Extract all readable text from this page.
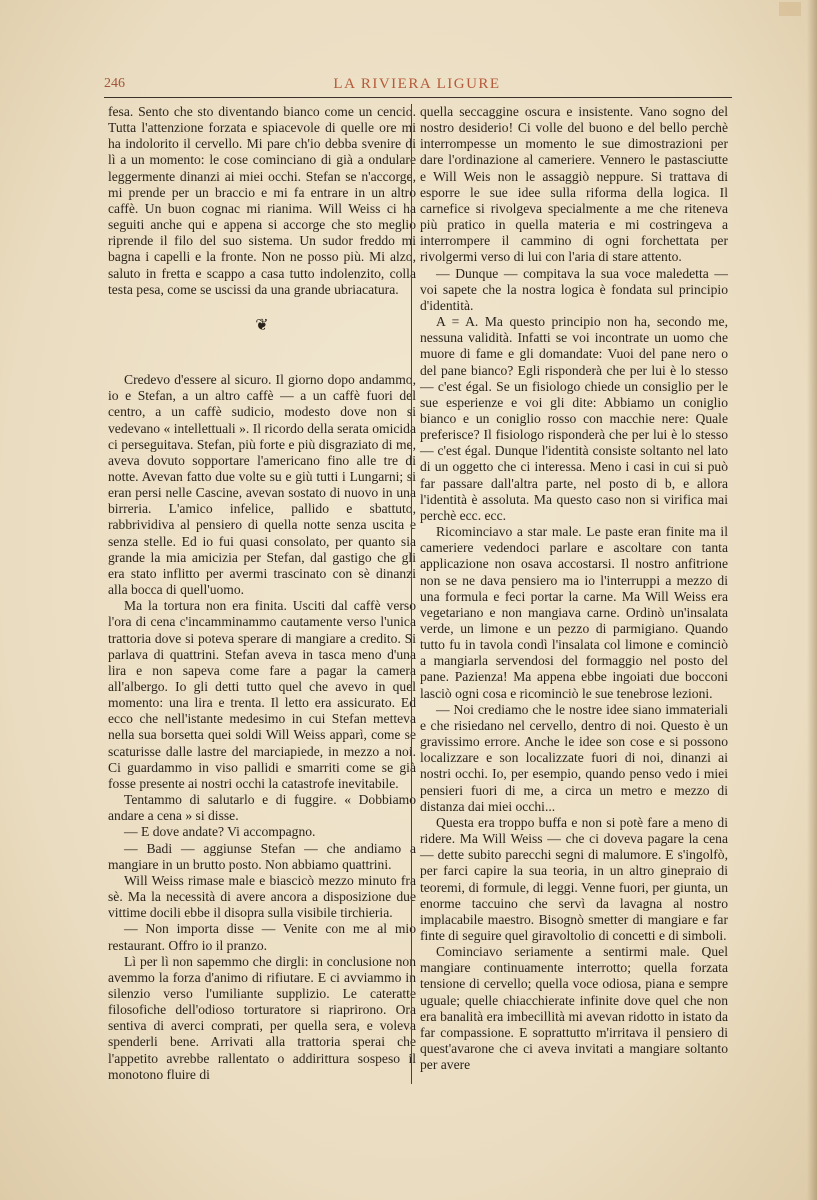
246	LA RIVIERA LIGURE

fesa. Sento che sto diventando bianco come un cencio. Tutta l'attenzione forzata e spiacevole di quelle ore mi ha indolorito il cervello. Mi pare ch'io debba svenire di lì a un momento: le cose cominciano di già a ondulare leggermente dinanzi ai miei occhi. Stefan se n'accorge, mi prende per un braccio e mi fa entrare in un altro caffè. Un buon cognac mi rianima. Will Weiss ci ha seguiti anche qui e appena si accorge che sto meglio riprende il filo del suo sistema. Un sudor freddo mi bagna i capelli e la fronte. Non ne posso più. Mi alzo, saluto in fretta e scappo a casa tutto indolenzito, colla testa pesa, come se uscissi da una grande ubriacatura.

❦

Credevo d'essere al sicuro. Il giorno dopo andammo, io e Stefan, a un altro caffè — a un caffè fuori del centro, a un caffè sudicio, modesto dove non si vedevano « intellettuali ». Il ricordo della serata omicida ci perseguitava. Stefan, più forte e più disgraziato di me, aveva dovuto sopportare l'americano fino alle tre di notte. Avevan fatto due volte su e giù tutti i Lungarni; si eran persi nelle Cascine, avevan sostato di nuovo in una birreria. L'amico infelice, pallido e sbattuto, rabbrividiva al pensiero di quella notte senza uscita e senza stelle. Ed io fui quasi consolato, per quanto sia grande la mia amicizia per Stefan, dal gastigo che gli era stato inflitto per avermi trascinato con sè dinanzi alla bocca di quell'uomo.

Ma la tortura non era finita. Usciti dal caffè verso l'ora di cena c'incamminammo cautamente verso l'unica trattoria dove si poteva sperare di mangiare a credito. Si parlava di quattrini. Stefan aveva in tasca meno d'una lira e non sapeva come fare a pagar la camera all'albergo. Io gli detti tutto quel che avevo in quel momento: una lira e trenta. Il letto era assicurato. Ed ecco che nell'istante medesimo in cui Stefan metteva nella sua borsetta quei soldi Will Weiss apparì, come se scaturisse dalle lastre del marciapiede, in mezzo a noi. Ci guardammo in viso pallidi e smarriti come se già fosse presente ai nostri occhi la catastrofe inevitabile.

Tentammo di salutarlo e di fuggire. « Dobbiamo andare a cena » si disse.

— E dove andate? Vi accompagno.

— Badi — aggiunse Stefan — che andiamo a mangiare in un brutto posto. Non abbiamo quattrini.

Will Weiss rimase male e biascicò mezzo minuto fra sè. Ma la necessità di avere ancora a disposizione due vittime docili ebbe il disopra sulla visibile tirchieria.

— Non importa disse — Venite con me al mio restaurant. Offro io il pranzo.

Lì per lì non sapemmo che dirgli: in conclusione non avemmo la forza d'animo di rifiutare. E ci avviammo in silenzio verso l'umiliante supplizio. Le cateratte filosofiche dell'odioso torturatore si riaprirono. Ora sentiva di averci comprati, per quella sera, e voleva spenderli bene. Arrivati alla trattoria sperai che l'appetito avrebbe rallentato o addirittura sospeso il monotono fluire di

quella seccaggine oscura e insistente. Vano sogno del nostro desiderio! Ci volle del buono e del bello perchè interrompesse un momento le sue dimostrazioni per dare l'ordinazione al cameriere. Vennero le pastasciutte e Will Weis non le assaggiò neppure. Si trattava di esporre le sue idee sulla riforma della logica. Il carnefice si rivolgeva specialmente a me che riteneva più pratico in quella materia e mi costringeva a interrompere il cammino di ogni forchettata per rivolgermi verso di lui con l'aria di stare attento.

— Dunque — compitava la sua voce maledetta — voi sapete che la nostra logica è fondata sul principio d'identità.

A = A. Ma questo principio non ha, secondo me, nessuna validità. Infatti se voi incontrate un uomo che muore di fame e gli domandate: Vuoi del pane nero o del pane bianco? Egli risponderà che per lui è lo stesso — c'est égal. Se un fisiologo chiede un consiglio per le sue esperienze e voi gli dite: Abbiamo un coniglio bianco e un coniglio rosso con macchie nere: Quale preferisce? Il fisiologo risponderà che per lui è lo stesso — c'est égal. Dunque l'identità consiste soltanto nel lato di un oggetto che ci interessa. Meno i casi in cui si può far passare dall'altra parte, nel posto di b, e allora l'identità è assoluta. Ma questo caso non si virifica mai perchè ecc. ecc.

Ricominciavo a star male. Le paste eran finite ma il cameriere vedendoci parlare e ascoltare con tanta applicazione non osava accostarsi. Il nostro anfitrione non se ne dava pensiero ma io l'interruppi a mezzo di una formula e feci portar la carne. Ma Will Weiss era vegetariano e non mangiava carne. Ordinò un'insalata verde, un limone e un pezzo di parmigiano. Quando tutto fu in tavola condì l'insalata col limone e cominciò a mangiarla servendosi del formaggio nel posto del pane. Pazienza! Ma appena ebbe ingoiati due bocconi lasciò ogni cosa e ricominciò le sue tenebrose lezioni.

— Noi crediamo che le nostre idee siano immateriali e che risiedano nel cervello, dentro di noi. Questo è un gravissimo errore. Anche le idee son cose e si possono localizzare e son localizzate fuori di noi, dinanzi ai nostri occhi. Io, per esempio, quando penso vedo i miei pensieri fuori di me, a circa un metro e mezzo di distanza dai miei occhi...

Questa era troppo buffa e non si potè fare a meno di ridere. Ma Will Weiss — che ci doveva pagare la cena — dette subito parecchi segni di malumore. E s'ingolfò, per farci capire la sua teoria, in un altro ginepraio di teoremi, di formule, di leggi. Venne fuori, per giunta, un enorme taccuino che servì da lavagna al nostro implacabile maestro. Bisognò smetter di mangiare e far finte di seguire quel giravoltolio di concetti e di simboli.

Cominciavo seriamente a sentirmi male. Quel mangiare continuamente interrotto; quella forzata tensione di cervello; quella voce odiosa, piana e sempre uguale; quelle chiacchierate infinite dove quel che non era banalità era imbecillità mi avevan ridotto in istato da far compassione. E soprattutto m'irritava il pensiero di quest'avarone che ci aveva invitati a mangiare soltanto per avere
